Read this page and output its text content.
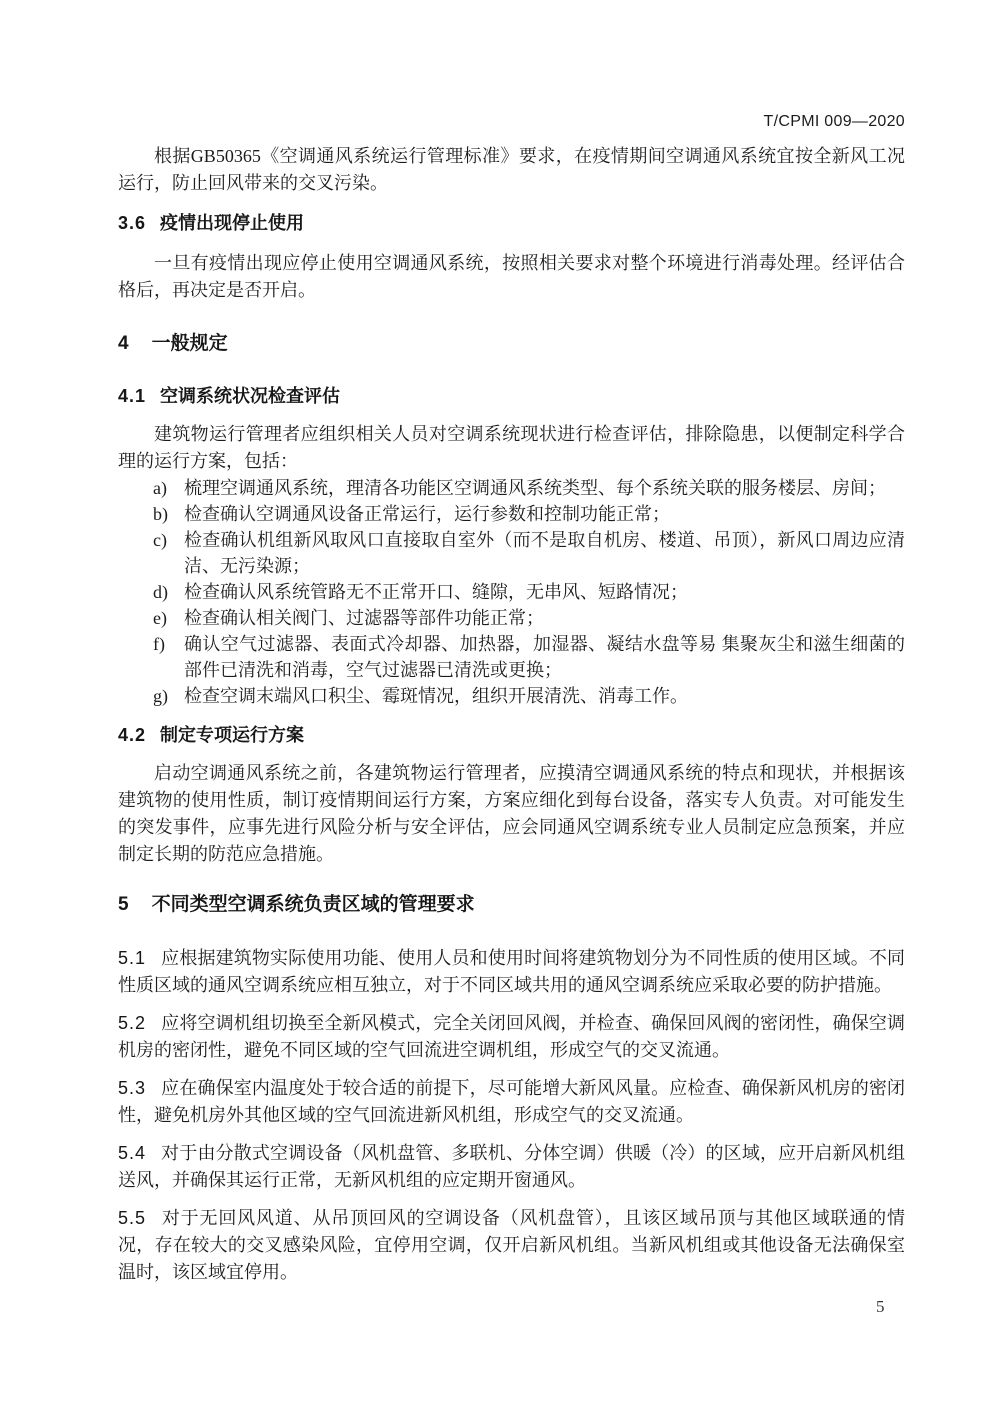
T/CPMI 009—2020

根据GB50365《空调通风系统运行管理标准》要求，在疫情期间空调通风系统宜按全新风工况运行，防止回风带来的交叉污染。

3.6 疫情出现停止使用

一旦有疫情出现应停止使用空调通风系统，按照相关要求对整个环境进行消毒处理。经评估合格后，再决定是否开启。

4 一般规定
4.1 空调系统状况检查评估

建筑物运行管理者应组织相关人员对空调系统现状进行检查评估，排除隐患，以便制定科学合理的运行方案，包括：

a) 梳理空调通风系统，理清各功能区空调通风系统类型、每个系统关联的服务楼层、房间；
b) 检查确认空调通风设备正常运行，运行参数和控制功能正常；
c) 检查确认机组新风取风口直接取自室外（而不是取自机房、楼道、吊顶），新风口周边应清洁、无污染源；
d) 检查确认风系统管路无不正常开口、缝隙，无串风、短路情况；
e) 检查确认相关阀门、过滤器等部件功能正常；
f) 确认空气过滤器、表面式冷却器、加热器，加湿器、凝结水盘等易 集聚灰尘和滋生细菌的部件已清洗和消毒，空气过滤器已清洗或更换；
g) 检查空调末端风口积尘、霉斑情况，组织开展清洗、消毒工作。
4.2 制定专项运行方案

启动空调通风系统之前，各建筑物运行管理者，应摸清空调通风系统的特点和现状，并根据该建筑物的使用性质，制订疫情期间运行方案，方案应细化到每台设备，落实专人负责。对可能发生的突发事件，应事先进行风险分析与安全评估，应会同通风空调系统专业人员制定应急预案，并应制定长期的防范应急措施。

5 不同类型空调系统负责区域的管理要求

5.1 应根据建筑物实际使用功能、使用人员和使用时间将建筑物划分为不同性质的使用区域。不同性质区域的通风空调系统应相互独立，对于不同区域共用的通风空调系统应采取必要的防护措施。

5.2 应将空调机组切换至全新风模式，完全关闭回风阀，并检查、确保回风阀的密闭性，确保空调机房的密闭性，避免不同区域的空气回流进空调机组，形成空气的交叉流通。

5.3 应在确保室内温度处于较合适的前提下，尽可能增大新风风量。应检查、确保新风机房的密闭性，避免机房外其他区域的空气回流进新风机组，形成空气的交叉流通。

5.4 对于由分散式空调设备（风机盘管、多联机、分体空调）供暖（冷）的区域，应开启新风机组送风，并确保其运行正常，无新风机组的应定期开窗通风。

5.5 对于无回风风道、从吊顶回风的空调设备（风机盘管），且该区域吊顶与其他区域联通的情况，存在较大的交叉感染风险，宜停用空调，仅开启新风机组。当新风机组或其他设备无法确保室温时，该区域宜停用。

5
